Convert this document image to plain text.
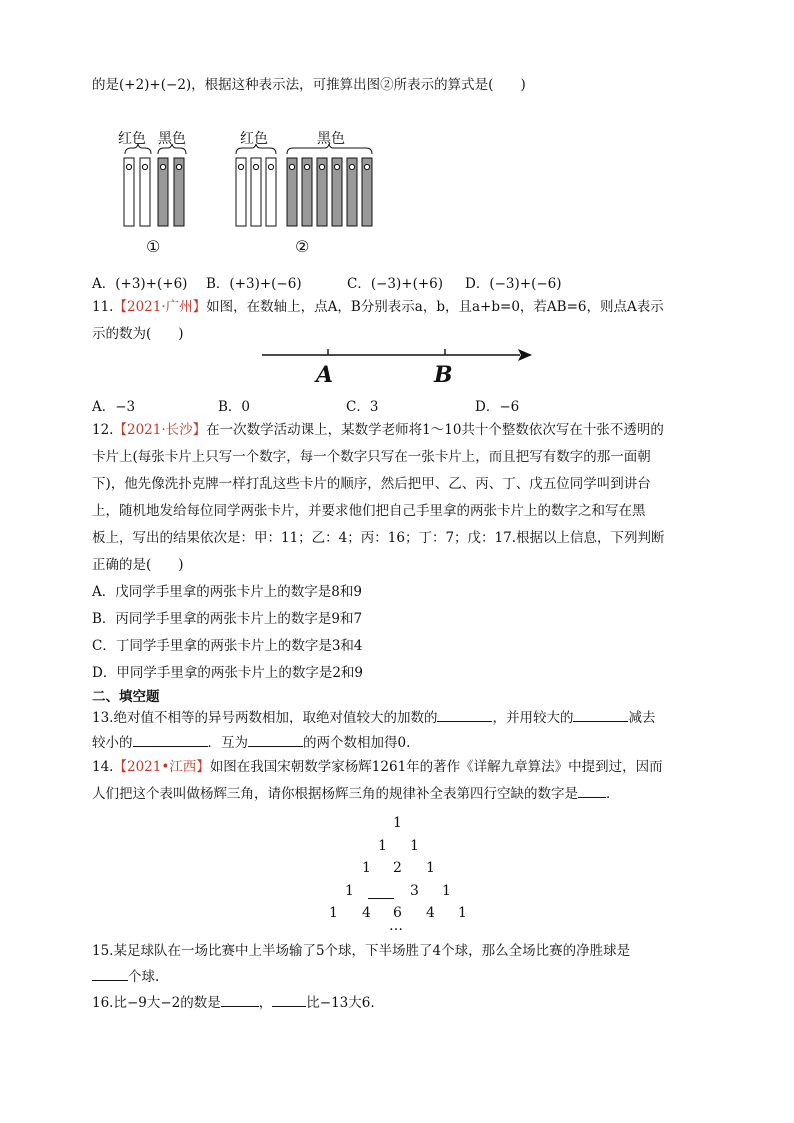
的是(+2)+(−2)，根据这种表示法，可推算出图②所表示的算式是(　　)
红色 黑色
①
红色	黑色
②
A．(+3)+(+6) B．(+3)+(−6)	C．(−3)+(+6) D．(−3)+(−6)
11.【2021·广州】如图，在数轴上，点A，B分别表示a，b，且a+b=0，若AB=6，则点A表示
示的数为(　　)
A	B
A．−3	B．0	C．3	D．−6
12.【2021·长沙】在一次数学活动课上，某数学老师将1～10共十个整数依次写在十张不透明的
卡片上(每张卡片上只写一个数字，每一个数字只写在一张卡片上，而且把写有数字的那一面朝
下)，他先像洗扑克牌一样打乱这些卡片的顺序，然后把甲、乙、丙、丁、戊五位同学叫到讲台
上，随机地发给每位同学两张卡片，并要求他们把自己手里拿的两张卡片上的数字之和写在黑
板上，写出的结果依次是：甲：11；乙：4；丙：16；丁：7；戊：17.根据以上信息，下列判断
正确的是(　　)
A．戊同学手里拿的两张卡片上的数字是8和9
B．丙同学手里拿的两张卡片上的数字是9和7
C．丁同学手里拿的两张卡片上的数字是3和4
D．甲同学手里拿的两张卡片上的数字是2和9
二、填空题
13.绝对值不相等的异号两数相加，取绝对值较大的加数的	，并用较大的	减去
较小的	．互为	的两个数相加得0.
14.【2021•江西】如图在我国宋朝数学家杨辉1261年的著作《详解九章算法》中提到过，因而
人们把这个表叫做杨辉三角，请你根据杨辉三角的规律补全表第四行空缺的数字是 ．
1
1 1
1 2 1
1	3 1
1 4 6 4 1
…
15.某足球队在一场比赛中上半场输了5个球，下半场胜了4个球，那么全场比赛的净胜球是
个球.
16.比−9大−2的数是	，	比−13大6.
